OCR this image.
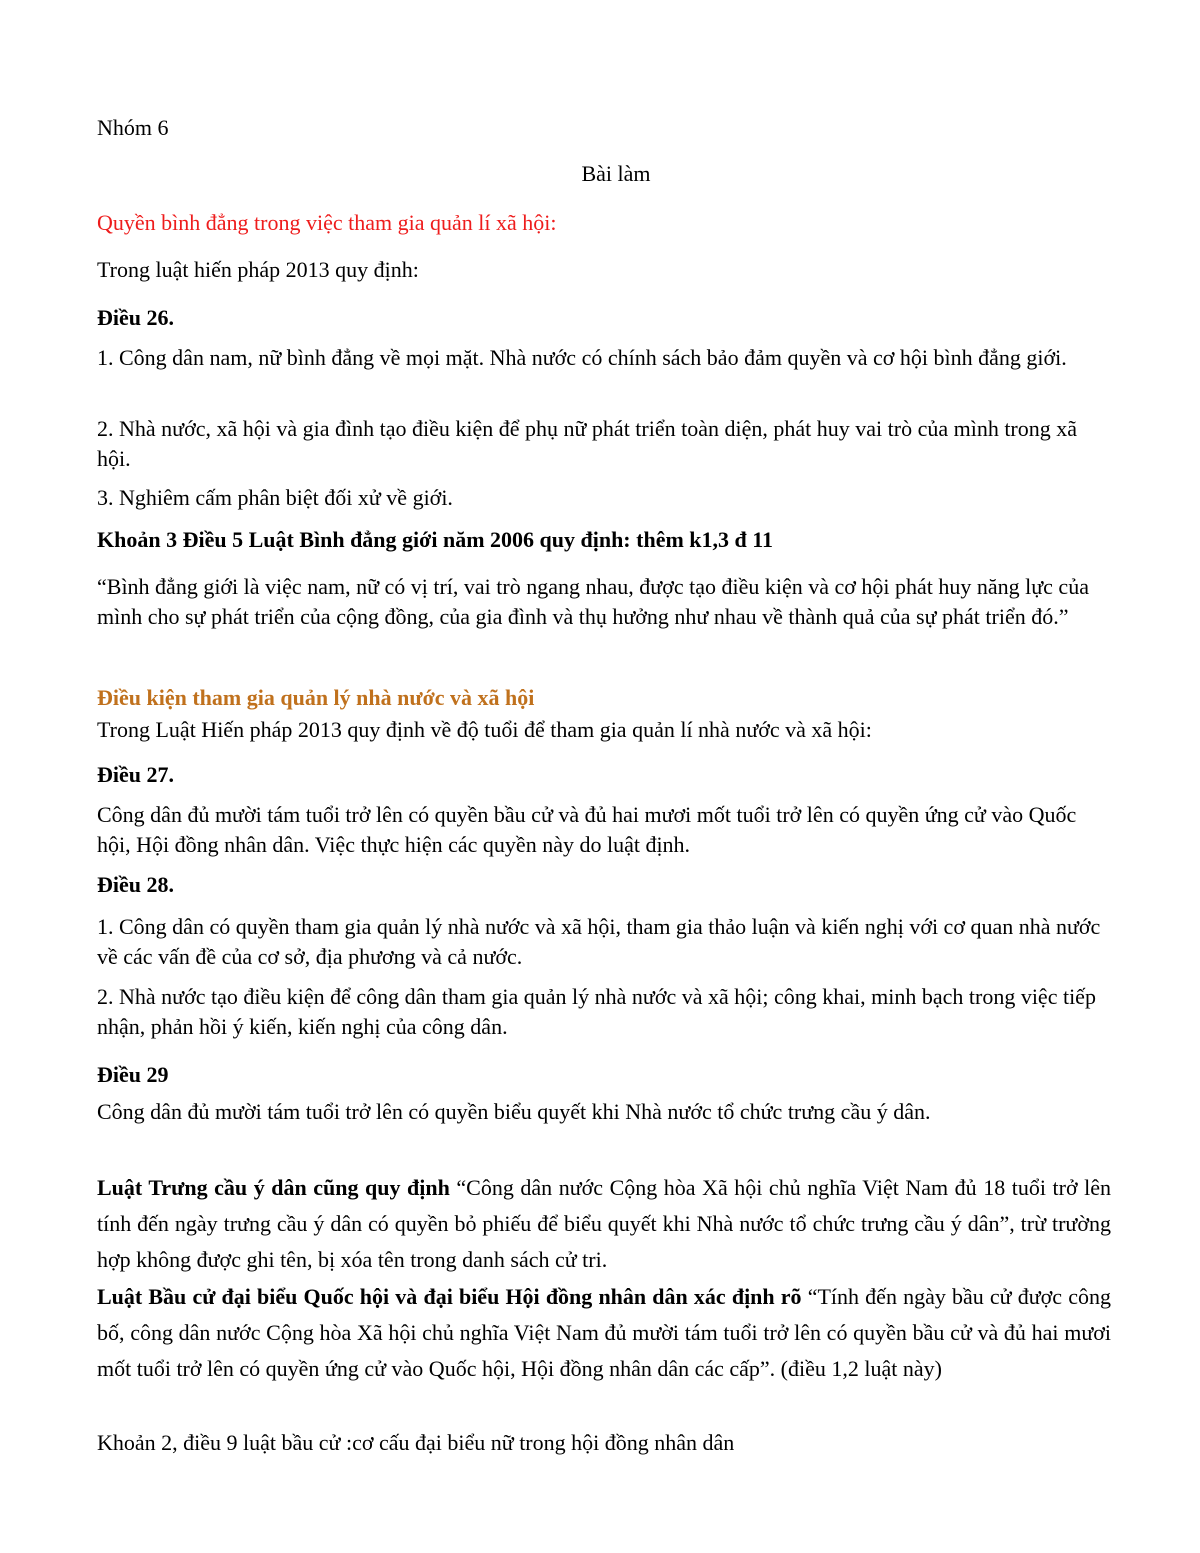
Nhóm 6
Bài làm
Quyền bình đẳng trong việc tham gia quản lí xã hội:
Trong luật hiến pháp 2013 quy định:
Điều 26.
1. Công dân nam, nữ bình đẳng về mọi mặt. Nhà nước có chính sách bảo đảm quyền và cơ hội bình đẳng giới.
2. Nhà nước, xã hội và gia đình tạo điều kiện để phụ nữ phát triển toàn diện, phát huy vai trò của mình trong xã hội.
3. Nghiêm cấm phân biệt đối xử về giới.
Khoản 3 Điều 5 Luật Bình đẳng giới năm 2006 quy định: thêm k1,3 đ 11
“Bình đẳng giới là việc nam, nữ có vị trí, vai trò ngang nhau, được tạo điều kiện và cơ hội phát huy năng lực của mình cho sự phát triển của cộng đồng, của gia đình và thụ hưởng như nhau về thành quả của sự phát triển đó.”
Điều kiện tham gia quản lý nhà nước và xã hội
Trong Luật Hiến pháp 2013 quy định về độ tuổi để tham gia quản lí nhà nước và xã hội:
Điều 27.
Công dân đủ mười tám tuổi trở lên có quyền bầu cử và đủ hai mươi mốt tuổi trở lên có quyền ứng cử vào Quốc hội, Hội đồng nhân dân. Việc thực hiện các quyền này do luật định.
Điều 28.
1. Công dân có quyền tham gia quản lý nhà nước và xã hội, tham gia thảo luận và kiến nghị với cơ quan nhà nước về các vấn đề của cơ sở, địa phương và cả nước.
2. Nhà nước tạo điều kiện để công dân tham gia quản lý nhà nước và xã hội; công khai, minh bạch trong việc tiếp nhận, phản hồi ý kiến, kiến nghị của công dân.
Điều 29
Công dân đủ mười tám tuổi trở lên có quyền biểu quyết khi Nhà nước tổ chức trưng cầu ý dân.
Luật Trưng cầu ý dân cũng quy định “Công dân nước Cộng hòa Xã hội chủ nghĩa Việt Nam đủ 18 tuổi trở lên tính đến ngày trưng cầu ý dân có quyền bỏ phiếu để biểu quyết khi Nhà nước tổ chức trưng cầu ý dân”, trừ trường hợp không được ghi tên, bị xóa tên trong danh sách cử tri.
Luật Bầu cử đại biểu Quốc hội và đại biểu Hội đồng nhân dân xác định rõ “Tính đến ngày bầu cử được công bố, công dân nước Cộng hòa Xã hội chủ nghĩa Việt Nam đủ mười tám tuổi trở lên có quyền bầu cử và đủ hai mươi mốt tuổi trở lên có quyền ứng cử vào Quốc hội, Hội đồng nhân dân các cấp”. (điều 1,2 luật này)
Khoản 2, điều 9 luật bầu cử :cơ cấu đại biểu nữ trong hội đồng nhân dân
